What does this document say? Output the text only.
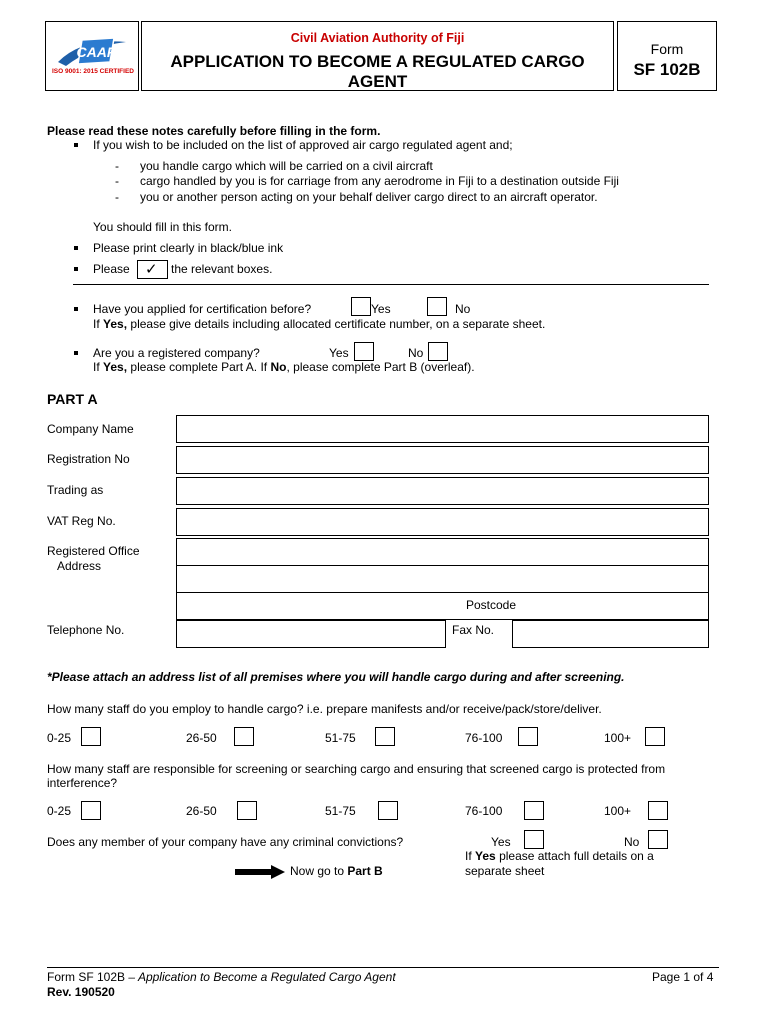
CAAF
ISO 9001: 2015 CERTIFIED
Civil Aviation Authority of Fiji
APPLICATION TO BECOME A REGULATED CARGO
AGENT
Form
SF 102B
Please read these notes carefully before filling in the form.
If you wish to be included on the list of approved air cargo regulated agent and;
- you handle cargo which will be carried on a civil aircraft
- cargo handled by you is for carriage from any aerodrome in Fiji to a destination outside Fiji
- you or another person acting on your behalf deliver cargo direct to an aircraft operator.
You should fill in this form.
Please print clearly in black/blue ink
Please ✓ the relevant boxes.
Have you applied for certification before?	Yes	No
If Yes, please give details including allocated certificate number, on a separate sheet.
Are you a registered company?	Yes	No
If Yes, please complete Part A. If No, please complete Part B (overleaf).
PART A
Company Name
Registration No
Trading as
VAT Reg No.
Registered Office
Address
Postcode
Telephone No.	Fax No.
*Please attach an address list of all premises where you will handle cargo during and after screening.
How many staff do you employ to handle cargo? i.e. prepare manifests and/or receive/pack/store/deliver.
0-25	26-50	51-75	76-100	100+
How many staff are responsible for screening or searching cargo and ensuring that screened cargo is protected from interference?
0-25	26-50	51-75	76-100	100+
Does any member of your company have any criminal convictions?	Yes	No
If Yes please attach full details on a
separate sheet
Now go to Part B
Form SF 102B – Application to Become a Regulated Cargo Agent
Rev. 190520
Page 1 of 4
